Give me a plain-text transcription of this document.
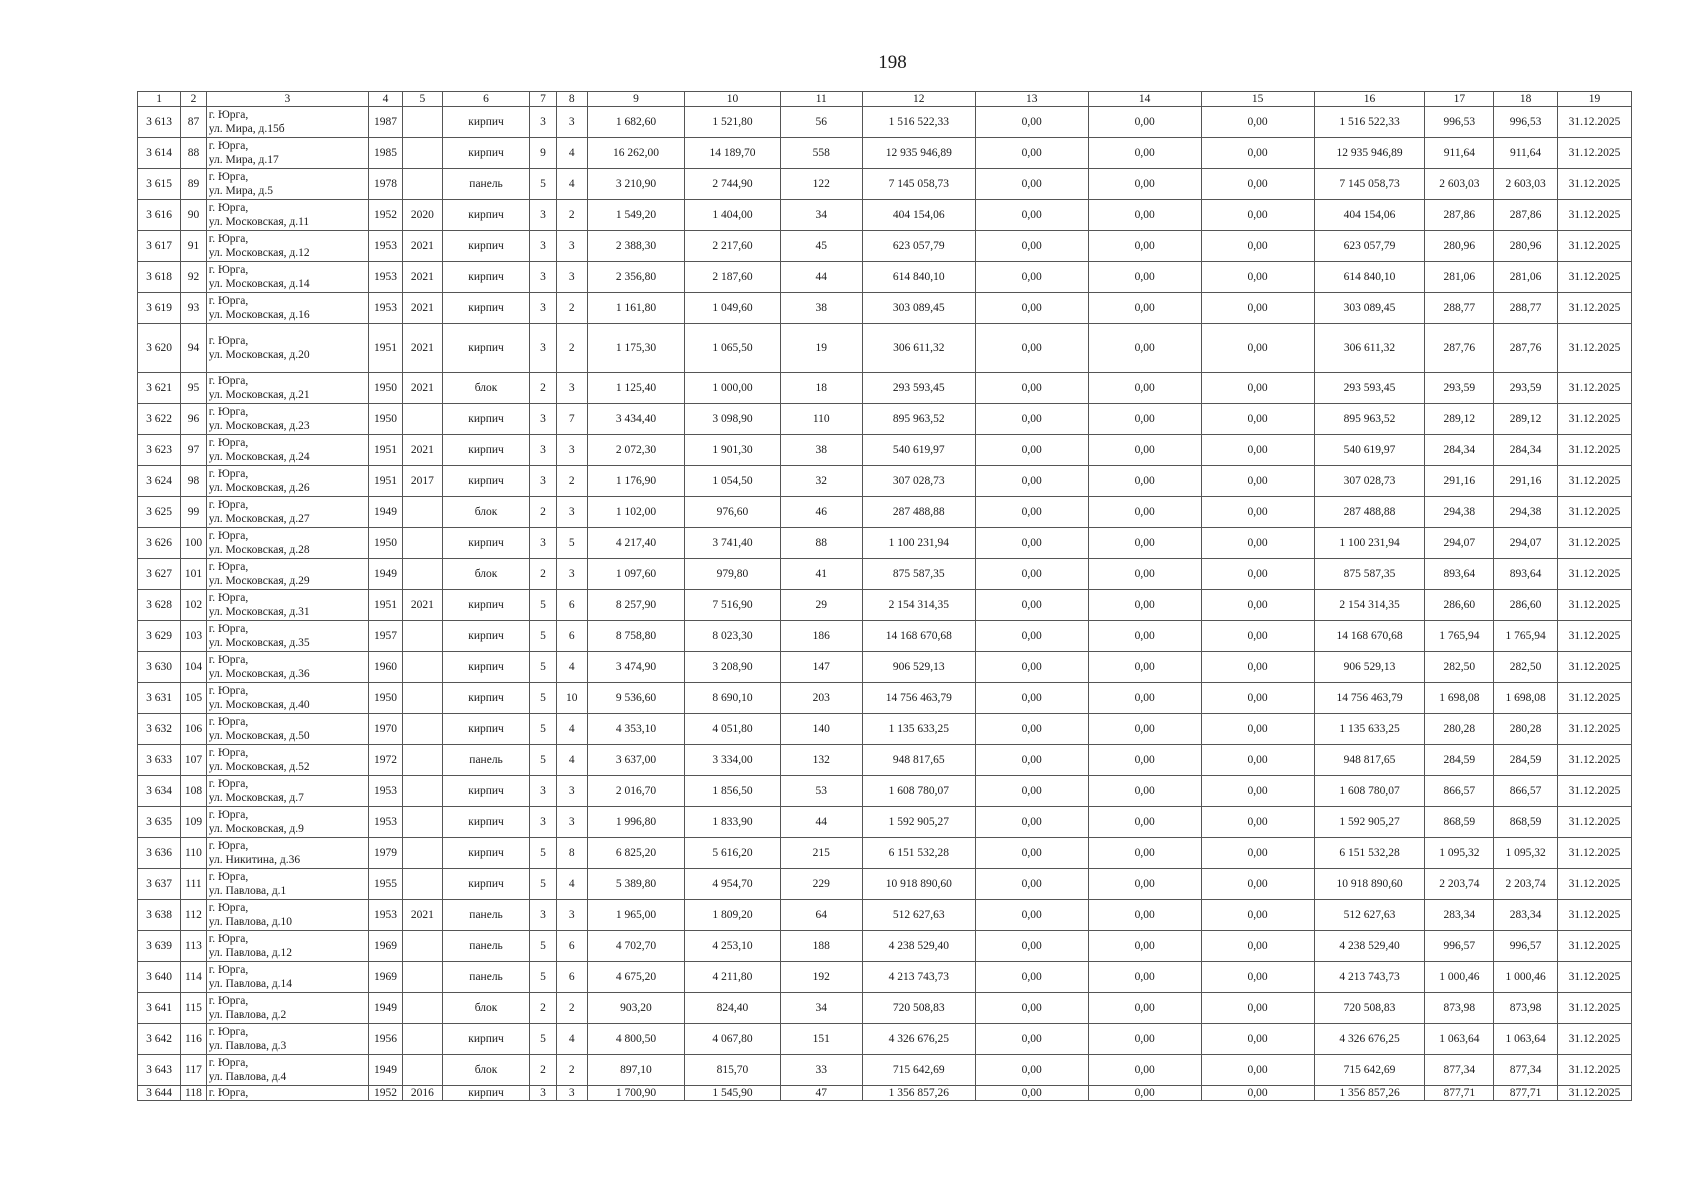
198
1	2	3	4	5	6	7	8	9	10	11	12	13	14	15	16	17	18	19
3 613	87	г. Юрга,
ул. Мира, д.15б	1987		кирпич	3	3	1 682,60	1 521,80	56	1 516 522,33	0,00	0,00	0,00	1 516 522,33	996,53	996,53	31.12.2025
3 614	88	г. Юрга,
ул. Мира, д.17	1985		кирпич	9	4	16 262,00	14 189,70	558	12 935 946,89	0,00	0,00	0,00	12 935 946,89	911,64	911,64	31.12.2025
3 615	89	г. Юрга,
ул. Мира, д.5	1978		панель	5	4	3 210,90	2 744,90	122	7 145 058,73	0,00	0,00	0,00	7 145 058,73	2 603,03	2 603,03	31.12.2025
3 616	90	г. Юрга,
ул. Московская, д.11	1952	2020	кирпич	3	2	1 549,20	1 404,00	34	404 154,06	0,00	0,00	0,00	404 154,06	287,86	287,86	31.12.2025
3 617	91	г. Юрга,
ул. Московская, д.12	1953	2021	кирпич	3	3	2 388,30	2 217,60	45	623 057,79	0,00	0,00	0,00	623 057,79	280,96	280,96	31.12.2025
3 618	92	г. Юрга,
ул. Московская, д.14	1953	2021	кирпич	3	3	2 356,80	2 187,60	44	614 840,10	0,00	0,00	0,00	614 840,10	281,06	281,06	31.12.2025
3 619	93	г. Юрга,
ул. Московская, д.16	1953	2021	кирпич	3	2	1 161,80	1 049,60	38	303 089,45	0,00	0,00	0,00	303 089,45	288,77	288,77	31.12.2025
3 620	94	г. Юрга,
ул. Московская, д.20	1951	2021	кирпич	3	2	1 175,30	1 065,50	19	306 611,32	0,00	0,00	0,00	306 611,32	287,76	287,76	31.12.2025
3 621	95	г. Юрга,
ул. Московская, д.21	1950	2021	блок	2	3	1 125,40	1 000,00	18	293 593,45	0,00	0,00	0,00	293 593,45	293,59	293,59	31.12.2025
3 622	96	г. Юрга,
ул. Московская, д.23	1950		кирпич	3	7	3 434,40	3 098,90	110	895 963,52	0,00	0,00	0,00	895 963,52	289,12	289,12	31.12.2025
3 623	97	г. Юрга,
ул. Московская, д.24	1951	2021	кирпич	3	3	2 072,30	1 901,30	38	540 619,97	0,00	0,00	0,00	540 619,97	284,34	284,34	31.12.2025
3 624	98	г. Юрга,
ул. Московская, д.26	1951	2017	кирпич	3	2	1 176,90	1 054,50	32	307 028,73	0,00	0,00	0,00	307 028,73	291,16	291,16	31.12.2025
3 625	99	г. Юрга,
ул. Московская, д.27	1949		блок	2	3	1 102,00	976,60	46	287 488,88	0,00	0,00	0,00	287 488,88	294,38	294,38	31.12.2025
3 626	100	г. Юрга,
ул. Московская, д.28	1950		кирпич	3	5	4 217,40	3 741,40	88	1 100 231,94	0,00	0,00	0,00	1 100 231,94	294,07	294,07	31.12.2025
3 627	101	г. Юрга,
ул. Московская, д.29	1949		блок	2	3	1 097,60	979,80	41	875 587,35	0,00	0,00	0,00	875 587,35	893,64	893,64	31.12.2025
3 628	102	г. Юрга,
ул. Московская, д.31	1951	2021	кирпич	5	6	8 257,90	7 516,90	29	2 154 314,35	0,00	0,00	0,00	2 154 314,35	286,60	286,60	31.12.2025
3 629	103	г. Юрга,
ул. Московская, д.35	1957		кирпич	5	6	8 758,80	8 023,30	186	14 168 670,68	0,00	0,00	0,00	14 168 670,68	1 765,94	1 765,94	31.12.2025
3 630	104	г. Юрга,
ул. Московская, д.36	1960		кирпич	5	4	3 474,90	3 208,90	147	906 529,13	0,00	0,00	0,00	906 529,13	282,50	282,50	31.12.2025
3 631	105	г. Юрга,
ул. Московская, д.40	1950		кирпич	5	10	9 536,60	8 690,10	203	14 756 463,79	0,00	0,00	0,00	14 756 463,79	1 698,08	1 698,08	31.12.2025
3 632	106	г. Юрга,
ул. Московская, д.50	1970		кирпич	5	4	4 353,10	4 051,80	140	1 135 633,25	0,00	0,00	0,00	1 135 633,25	280,28	280,28	31.12.2025
3 633	107	г. Юрга,
ул. Московская, д.52	1972		панель	5	4	3 637,00	3 334,00	132	948 817,65	0,00	0,00	0,00	948 817,65	284,59	284,59	31.12.2025
3 634	108	г. Юрга,
ул. Московская, д.7	1953		кирпич	3	3	2 016,70	1 856,50	53	1 608 780,07	0,00	0,00	0,00	1 608 780,07	866,57	866,57	31.12.2025
3 635	109	г. Юрга,
ул. Московская, д.9	1953		кирпич	3	3	1 996,80	1 833,90	44	1 592 905,27	0,00	0,00	0,00	1 592 905,27	868,59	868,59	31.12.2025
3 636	110	г. Юрга,
ул. Никитина, д.36	1979		кирпич	5	8	6 825,20	5 616,20	215	6 151 532,28	0,00	0,00	0,00	6 151 532,28	1 095,32	1 095,32	31.12.2025
3 637	111	г. Юрга,
ул. Павлова, д.1	1955		кирпич	5	4	5 389,80	4 954,70	229	10 918 890,60	0,00	0,00	0,00	10 918 890,60	2 203,74	2 203,74	31.12.2025
3 638	112	г. Юрга,
ул. Павлова, д.10	1953	2021	панель	3	3	1 965,00	1 809,20	64	512 627,63	0,00	0,00	0,00	512 627,63	283,34	283,34	31.12.2025
3 639	113	г. Юрга,
ул. Павлова, д.12	1969		панель	5	6	4 702,70	4 253,10	188	4 238 529,40	0,00	0,00	0,00	4 238 529,40	996,57	996,57	31.12.2025
3 640	114	г. Юрга,
ул. Павлова, д.14	1969		панель	5	6	4 675,20	4 211,80	192	4 213 743,73	0,00	0,00	0,00	4 213 743,73	1 000,46	1 000,46	31.12.2025
3 641	115	г. Юрга,
ул. Павлова, д.2	1949		блок	2	2	903,20	824,40	34	720 508,83	0,00	0,00	0,00	720 508,83	873,98	873,98	31.12.2025
3 642	116	г. Юрга,
ул. Павлова, д.3	1956		кирпич	5	4	4 800,50	4 067,80	151	4 326 676,25	0,00	0,00	0,00	4 326 676,25	1 063,64	1 063,64	31.12.2025
3 643	117	г. Юрга,
ул. Павлова, д.4	1949		блок	2	2	897,10	815,70	33	715 642,69	0,00	0,00	0,00	715 642,69	877,34	877,34	31.12.2025
3 644	118	г. Юрга,	1952	2016	кирпич	3	3	1 700,90	1 545,90	47	1 356 857,26	0,00	0,00	0,00	1 356 857,26	877,71	877,71	31.12.2025
